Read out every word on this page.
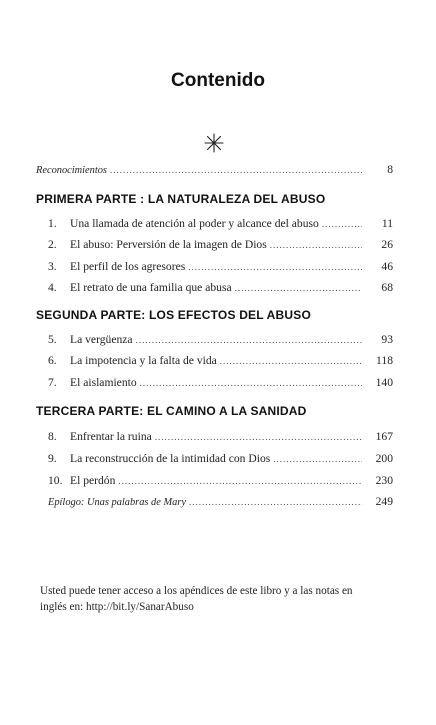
Contenido
Reconocimientos .....	8
PRIMERA PARTE : LA NATURALEZA DEL ABUSO
1.	Una llamada de atención al poder y alcance del abuso .....	11
2.	El abuso: Perversión de la imagen de Dios .....	26
3.	El perfil de los agresores .....	46
4.	El retrato de una familia que abusa .....	68
SEGUNDA PARTE: LOS EFECTOS DEL ABUSO
5.	La vergüenza .....	93
6.	La impotencia y la falta de vida .....	118
7.	El aislamiento .....	140
TERCERA PARTE: EL CAMINO A LA SANIDAD
8.	Enfrentar la ruina .....	167
9.	La reconstrucción de la intimidad con Dios .....	200
10. El perdón .....	230
Epílogo: Unas palabras de Mary .....	249
Usted puede tener acceso a los apéndices de este libro y a las notas en
inglés en: http://bit.ly/SanarAbuso
